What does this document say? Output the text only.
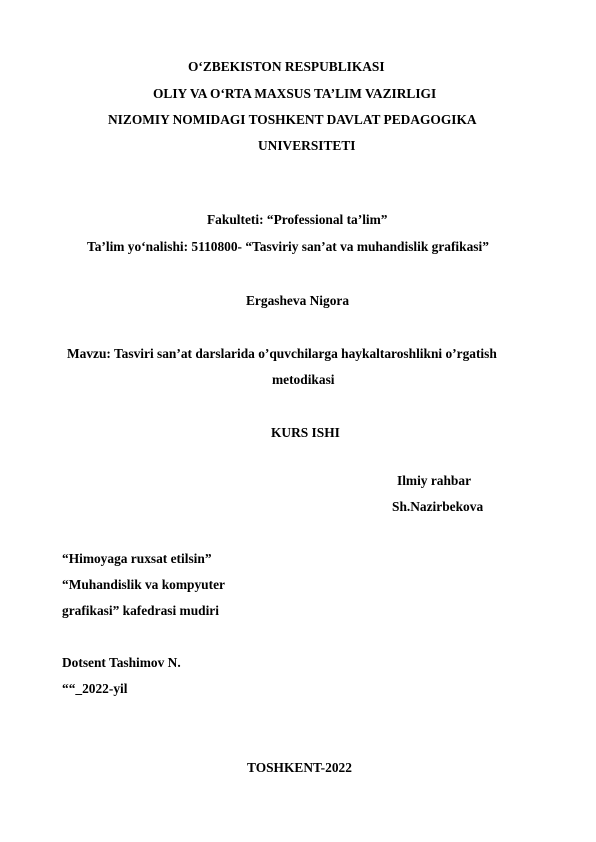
O‘ZBEKISTON RESPUBLIKASI
OLIY VA O‘RTA MAXSUS TA’LIM VAZIRLIGI
NIZOMIY NOMIDAGI TOSHKENT DAVLAT PEDAGOGIKA
UNIVERSITETI
Fakulteti: “Professional ta’lim”
Ta’lim yo‘nalishi: 5110800- “Tasviriy san’at va muhandislik grafikasi”
Ergasheva Nigora
Mavzu: Tasviri san’at darslarida o’quvchilarga haykaltaroshlikni o’rgatish
metodikasi
KURS ISHI
Ilmiy rahbar
Sh.Nazirbekova
“Himoyaga ruxsat etilsin”
“Muhandislik va kompyuter
grafikasi” kafedrasi mudiri
Dotsent Tashimov N.
““_2022-yil
TOSHKENT-2022
